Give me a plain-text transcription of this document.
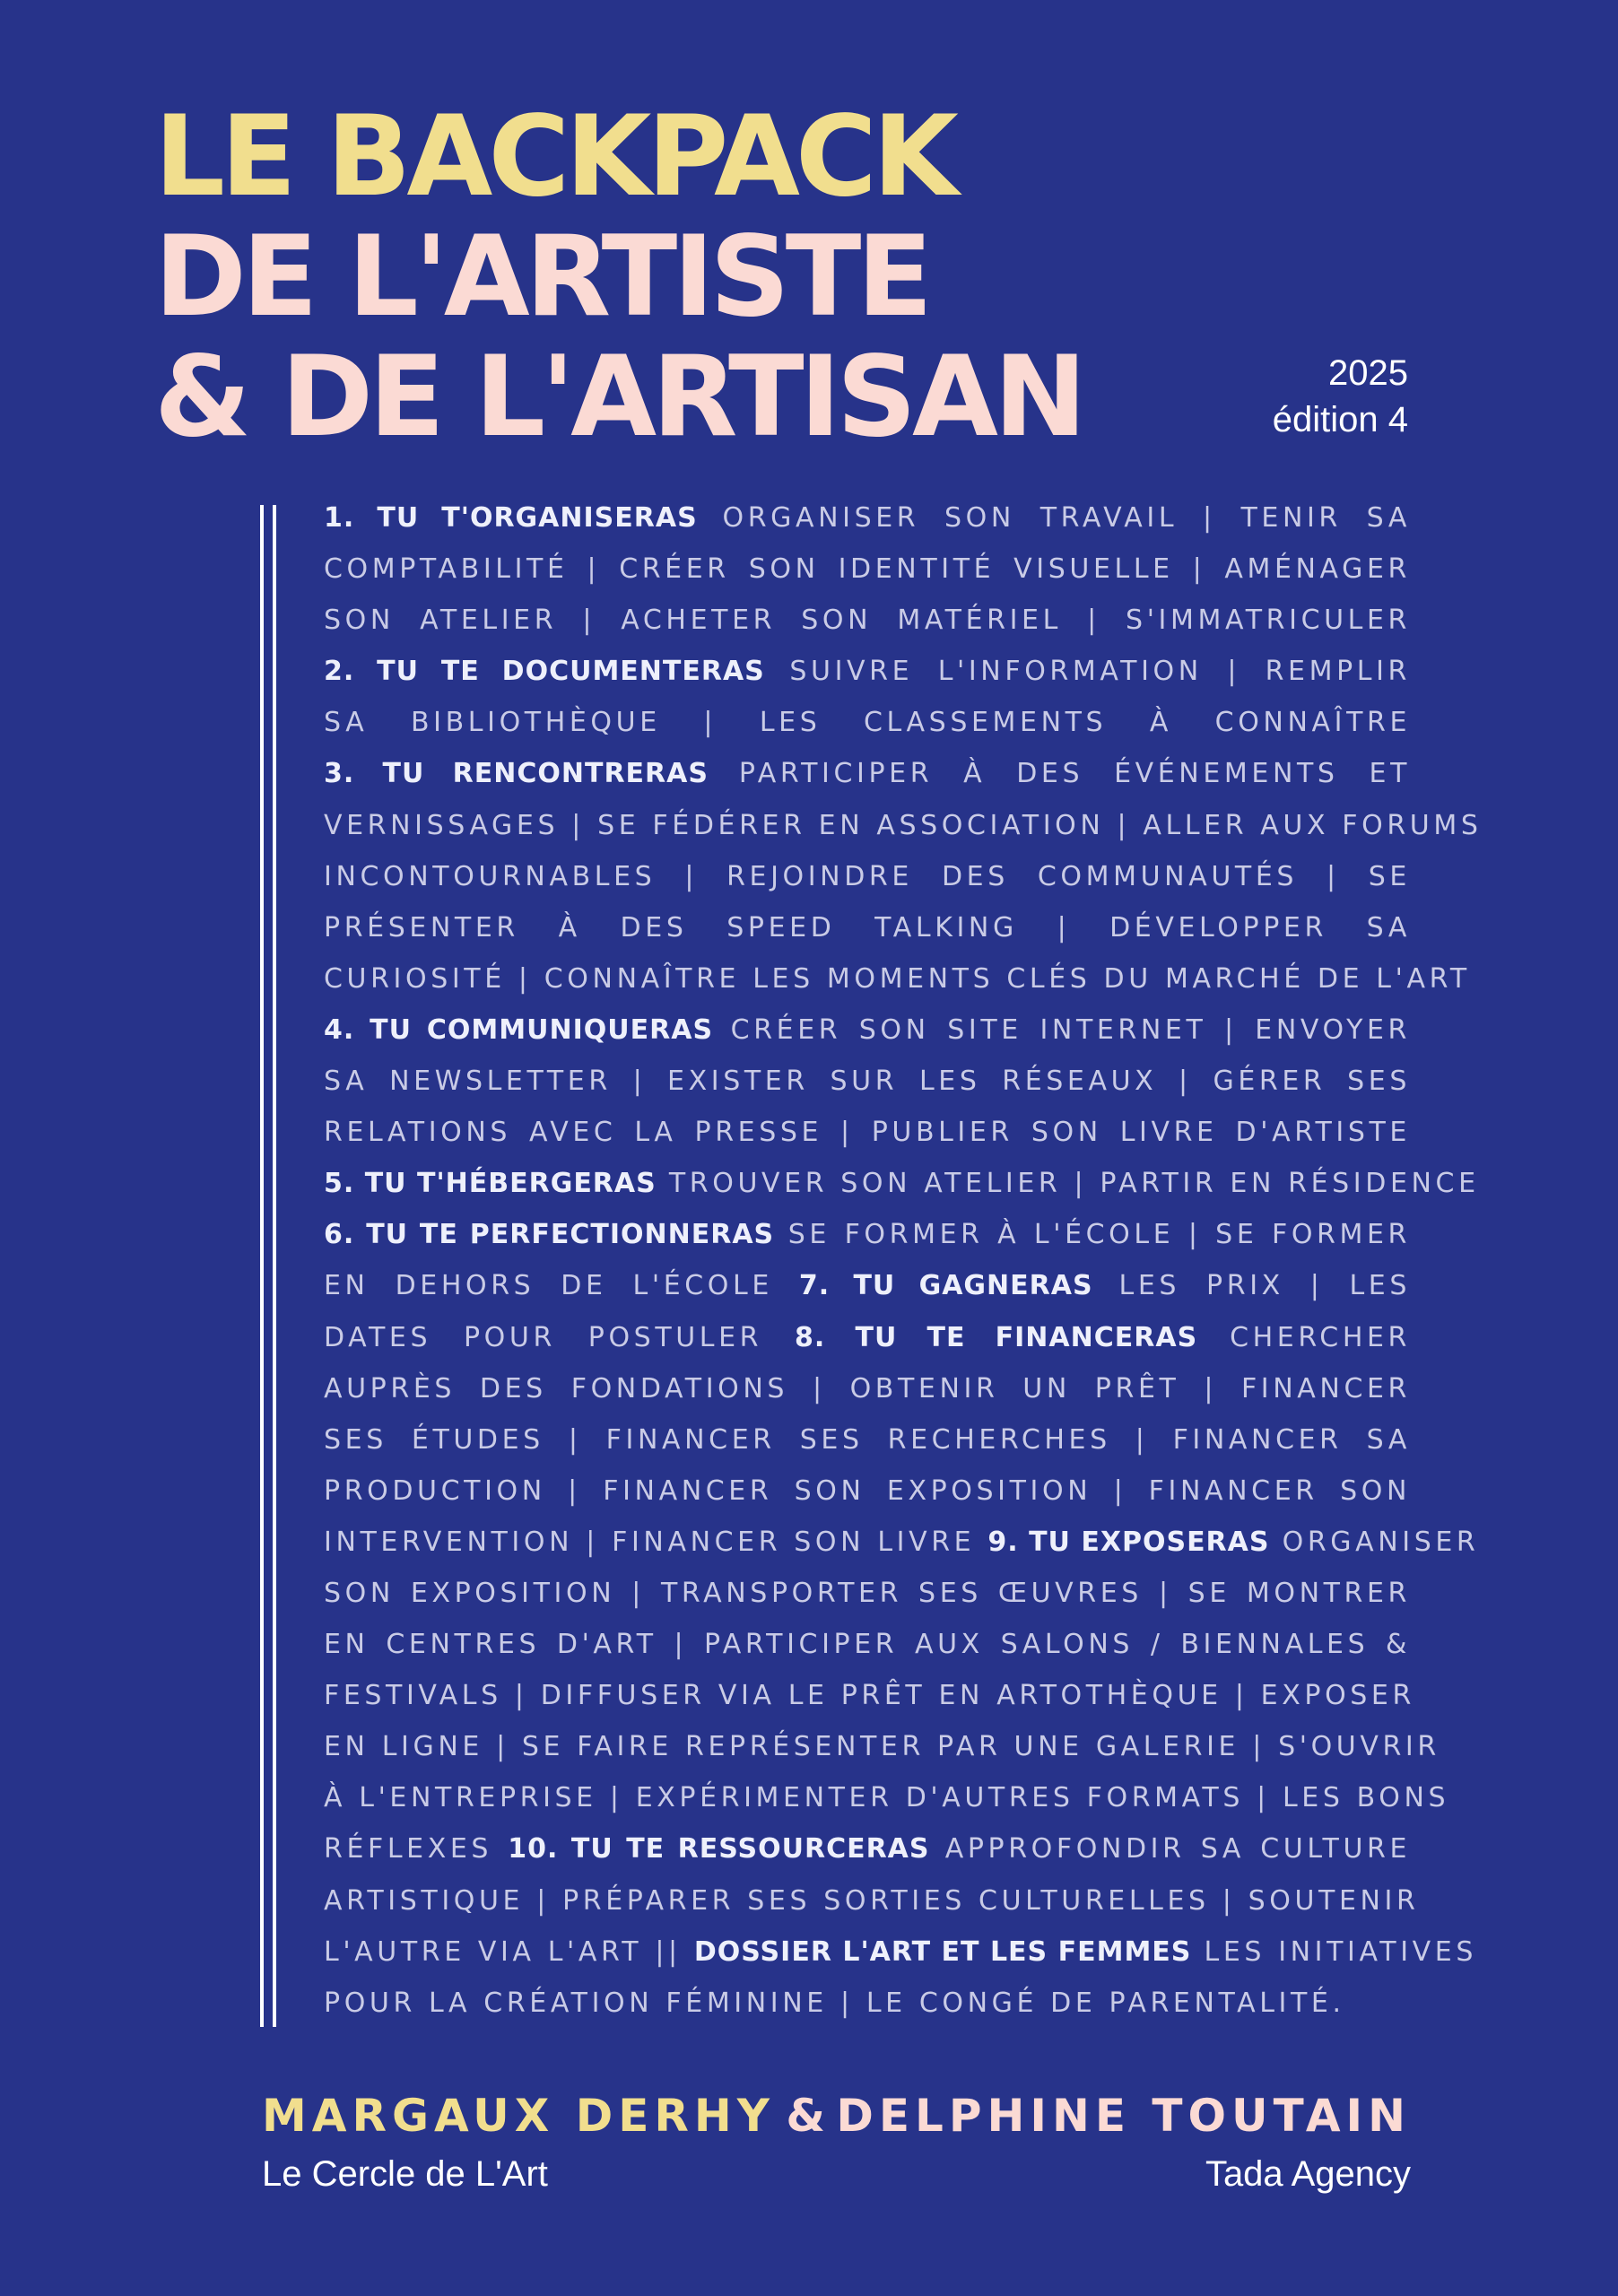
LE BACKPACK
DE L'ARTISTE
& DE L'ARTISAN	2025
édition 4
1. TU T'ORGANISERAS ORGANISER SON TRAVAIL | TENIR SA
COMPTABILITÉ | CRÉER SON IDENTITÉ VISUELLE | AMÉNAGER
SON ATELIER | ACHETER SON MATÉRIEL | S'IMMATRICULER
2. TU TE DOCUMENTERAS SUIVRE L'INFORMATION | REMPLIR
SA BIBLIOTHÈQUE | LES CLASSEMENTS À CONNAÎTRE
3. TU RENCONTRERAS PARTICIPER À DES ÉVÉNEMENTS ET
VERNISSAGES | SE FÉDÉRER EN ASSOCIATION | ALLER AUX FORUMS
INCONTOURNABLES | REJOINDRE DES COMMUNAUTÉS | SE
PRÉSENTER À DES SPEED TALKING | DÉVELOPPER SA
CURIOSITÉ | CONNAÎTRE LES MOMENTS CLÉS DU MARCHÉ DE L'ART
4. TU COMMUNIQUERAS CRÉER SON SITE INTERNET | ENVOYER
SA NEWSLETTER | EXISTER SUR LES RÉSEAUX | GÉRER SES
RELATIONS AVEC LA PRESSE | PUBLIER SON LIVRE D'ARTISTE
5. TU T'HÉBERGERAS TROUVER SON ATELIER | PARTIR EN RÉSIDENCE
6. TU TE PERFECTIONNERAS SE FORMER À L'ÉCOLE | SE FORMER
EN DEHORS DE L'ÉCOLE 7. TU GAGNERAS LES PRIX | LES
DATES POUR POSTULER 8. TU TE FINANCERAS CHERCHER
AUPRÈS DES FONDATIONS | OBTENIR UN PRÊT | FINANCER
SES ÉTUDES | FINANCER SES RECHERCHES | FINANCER SA
PRODUCTION | FINANCER SON EXPOSITION | FINANCER SON
INTERVENTION | FINANCER SON LIVRE 9. TU EXPOSERAS ORGANISER
SON EXPOSITION | TRANSPORTER SES ŒUVRES | SE MONTRER
EN CENTRES D'ART | PARTICIPER AUX SALONS / BIENNALES &
FESTIVALS | DIFFUSER VIA LE PRÊT EN ARTOTHÈQUE | EXPOSER
EN LIGNE | SE FAIRE REPRÉSENTER PAR UNE GALERIE | S'OUVRIR
À L'ENTREPRISE | EXPÉRIMENTER D'AUTRES FORMATS | LES BONS
RÉFLEXES 10. TU TE RESSOURCERAS APPROFONDIR SA CULTURE
ARTISTIQUE | PRÉPARER SES SORTIES CULTURELLES | SOUTENIR
L'AUTRE VIA L'ART || DOSSIER L'ART ET LES FEMMES LES INITIATIVES
POUR LA CRÉATION FÉMININE | LE CONGÉ DE PARENTALITÉ.
MARGAUX DERHY & DELPHINE TOUTAIN
Le Cercle de L'Art	Tada Agency
